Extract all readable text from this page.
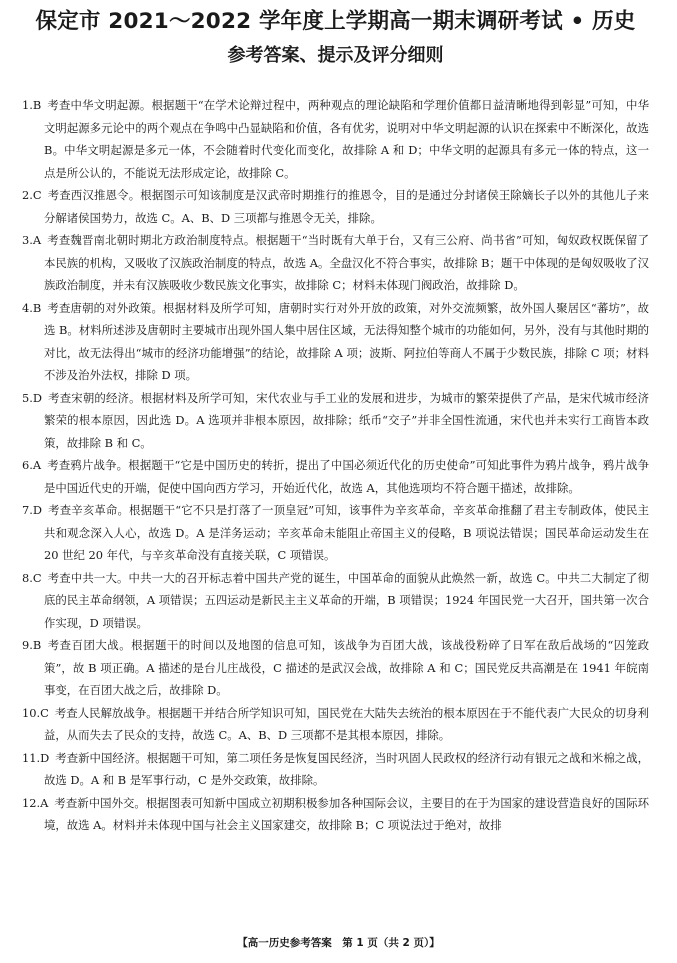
保定市 2021～2022 学年度上学期高一期末调研考试 • 历史
参考答案、提示及评分细则

1.B 考查中华文明起源。根据题干“在学术论辩过程中，两种观点的理论缺陷和学理价值都日益清晰地得到彰显”可知，中华文明起源多元论中的两个观点在争鸣中凸显缺陷和价值，各有优劣，说明对中华文明起源的认识在探索中不断深化，故选 B。中华文明起源是多元一体，不会随着时代变化而变化，故排除 A 和 D；中华文明的起源具有多元一体的特点，这一点是所公认的，不能说无法形成定论，故排除 C。

2.C 考查西汉推恩令。根据图示可知该制度是汉武帝时期推行的推恩令，目的是通过分封诸侯王除嫡长子以外的其他儿子来分解诸侯国势力，故选 C。A、B、D 三项都与推恩令无关，排除。

3.A 考查魏晋南北朝时期北方政治制度特点。根据题干“当时既有大单于台，又有三公府、尚书省”可知，匈奴政权既保留了本民族的机构，又吸收了汉族政治制度的特点，故选 A。全盘汉化不符合事实，故排除 B；题干中体现的是匈奴吸收了汉族政治制度，并未有汉族吸收少数民族文化事实，故排除 C；材料未体现门阀政治，故排除 D。

4.B 考查唐朝的对外政策。根据材料及所学可知，唐朝时实行对外开放的政策，对外交流频繁，故外国人聚居区“蕃坊”，故选 B。材料所述涉及唐朝时主要城市出现外国人集中居住区域，无法得知整个城市的功能如何，另外，没有与其他时期的对比，故无法得出“城市的经济功能增强”的结论，故排除 A 项；波斯、阿拉伯等商人不属于少数民族，排除 C 项；材料不涉及治外法权，排除 D 项。

5.D 考查宋朝的经济。根据材料及所学可知，宋代农业与手工业的发展和进步，为城市的繁荣提供了产品，是宋代城市经济繁荣的根本原因，因此选 D。A 选项并非根本原因，故排除；纸币“交子”并非全国性流通，宋代也并未实行工商皆本政策，故排除 B 和 C。

6.A 考查鸦片战争。根据题干“它是中国历史的转折，提出了中国必须近代化的历史使命”可知此事件为鸦片战争，鸦片战争是中国近代史的开端，促使中国向西方学习，开始近代化，故选 A，其他选项均不符合题干描述，故排除。

7.D 考查辛亥革命。根据题干“它不只是打落了一顶皇冠”可知，该事件为辛亥革命，辛亥革命推翻了君主专制政体，使民主共和观念深入人心，故选 D。A 是洋务运动；辛亥革命未能阻止帝国主义的侵略，B 项说法错误；国民革命运动发生在 20 世纪 20 年代，与辛亥革命没有直接关联，C 项错误。

8.C 考查中共一大。中共一大的召开标志着中国共产党的诞生，中国革命的面貌从此焕然一新，故选 C。中共二大制定了彻底的民主革命纲领，A 项错误；五四运动是新民主主义革命的开端，B 项错误；1924 年国民党一大召开，国共第一次合作实现，D 项错误。

9.B 考查百团大战。根据题干的时间以及地图的信息可知，该战争为百团大战，该战役粉碎了日军在敌后战场的“囚笼政策”，故 B 项正确。A 描述的是台儿庄战役，C 描述的是武汉会战，故排除 A 和 C；国民党反共高潮是在 1941 年皖南事变，在百团大战之后，故排除 D。

10.C 考查人民解放战争。根据题干并结合所学知识可知，国民党在大陆失去统治的根本原因在于不能代表广大民众的切身利益，从而失去了民众的支持，故选 C。A、B、D 三项都不是其根本原因，排除。

11.D 考查新中国经济。根据题干可知，第二项任务是恢复国民经济，当时巩固人民政权的经济行动有银元之战和米棉之战，故选 D。A 和 B 是军事行动，C 是外交政策，故排除。

12.A 考查新中国外交。根据图表可知新中国成立初期积极参加各种国际会议，主要目的在于为国家的建设营造良好的国际环境，故选 A。材料并未体现中国与社会主义国家建交，故排除 B；C 项说法过于绝对，故排

【高一历史参考答案　第 1 页（共 2 页）】
